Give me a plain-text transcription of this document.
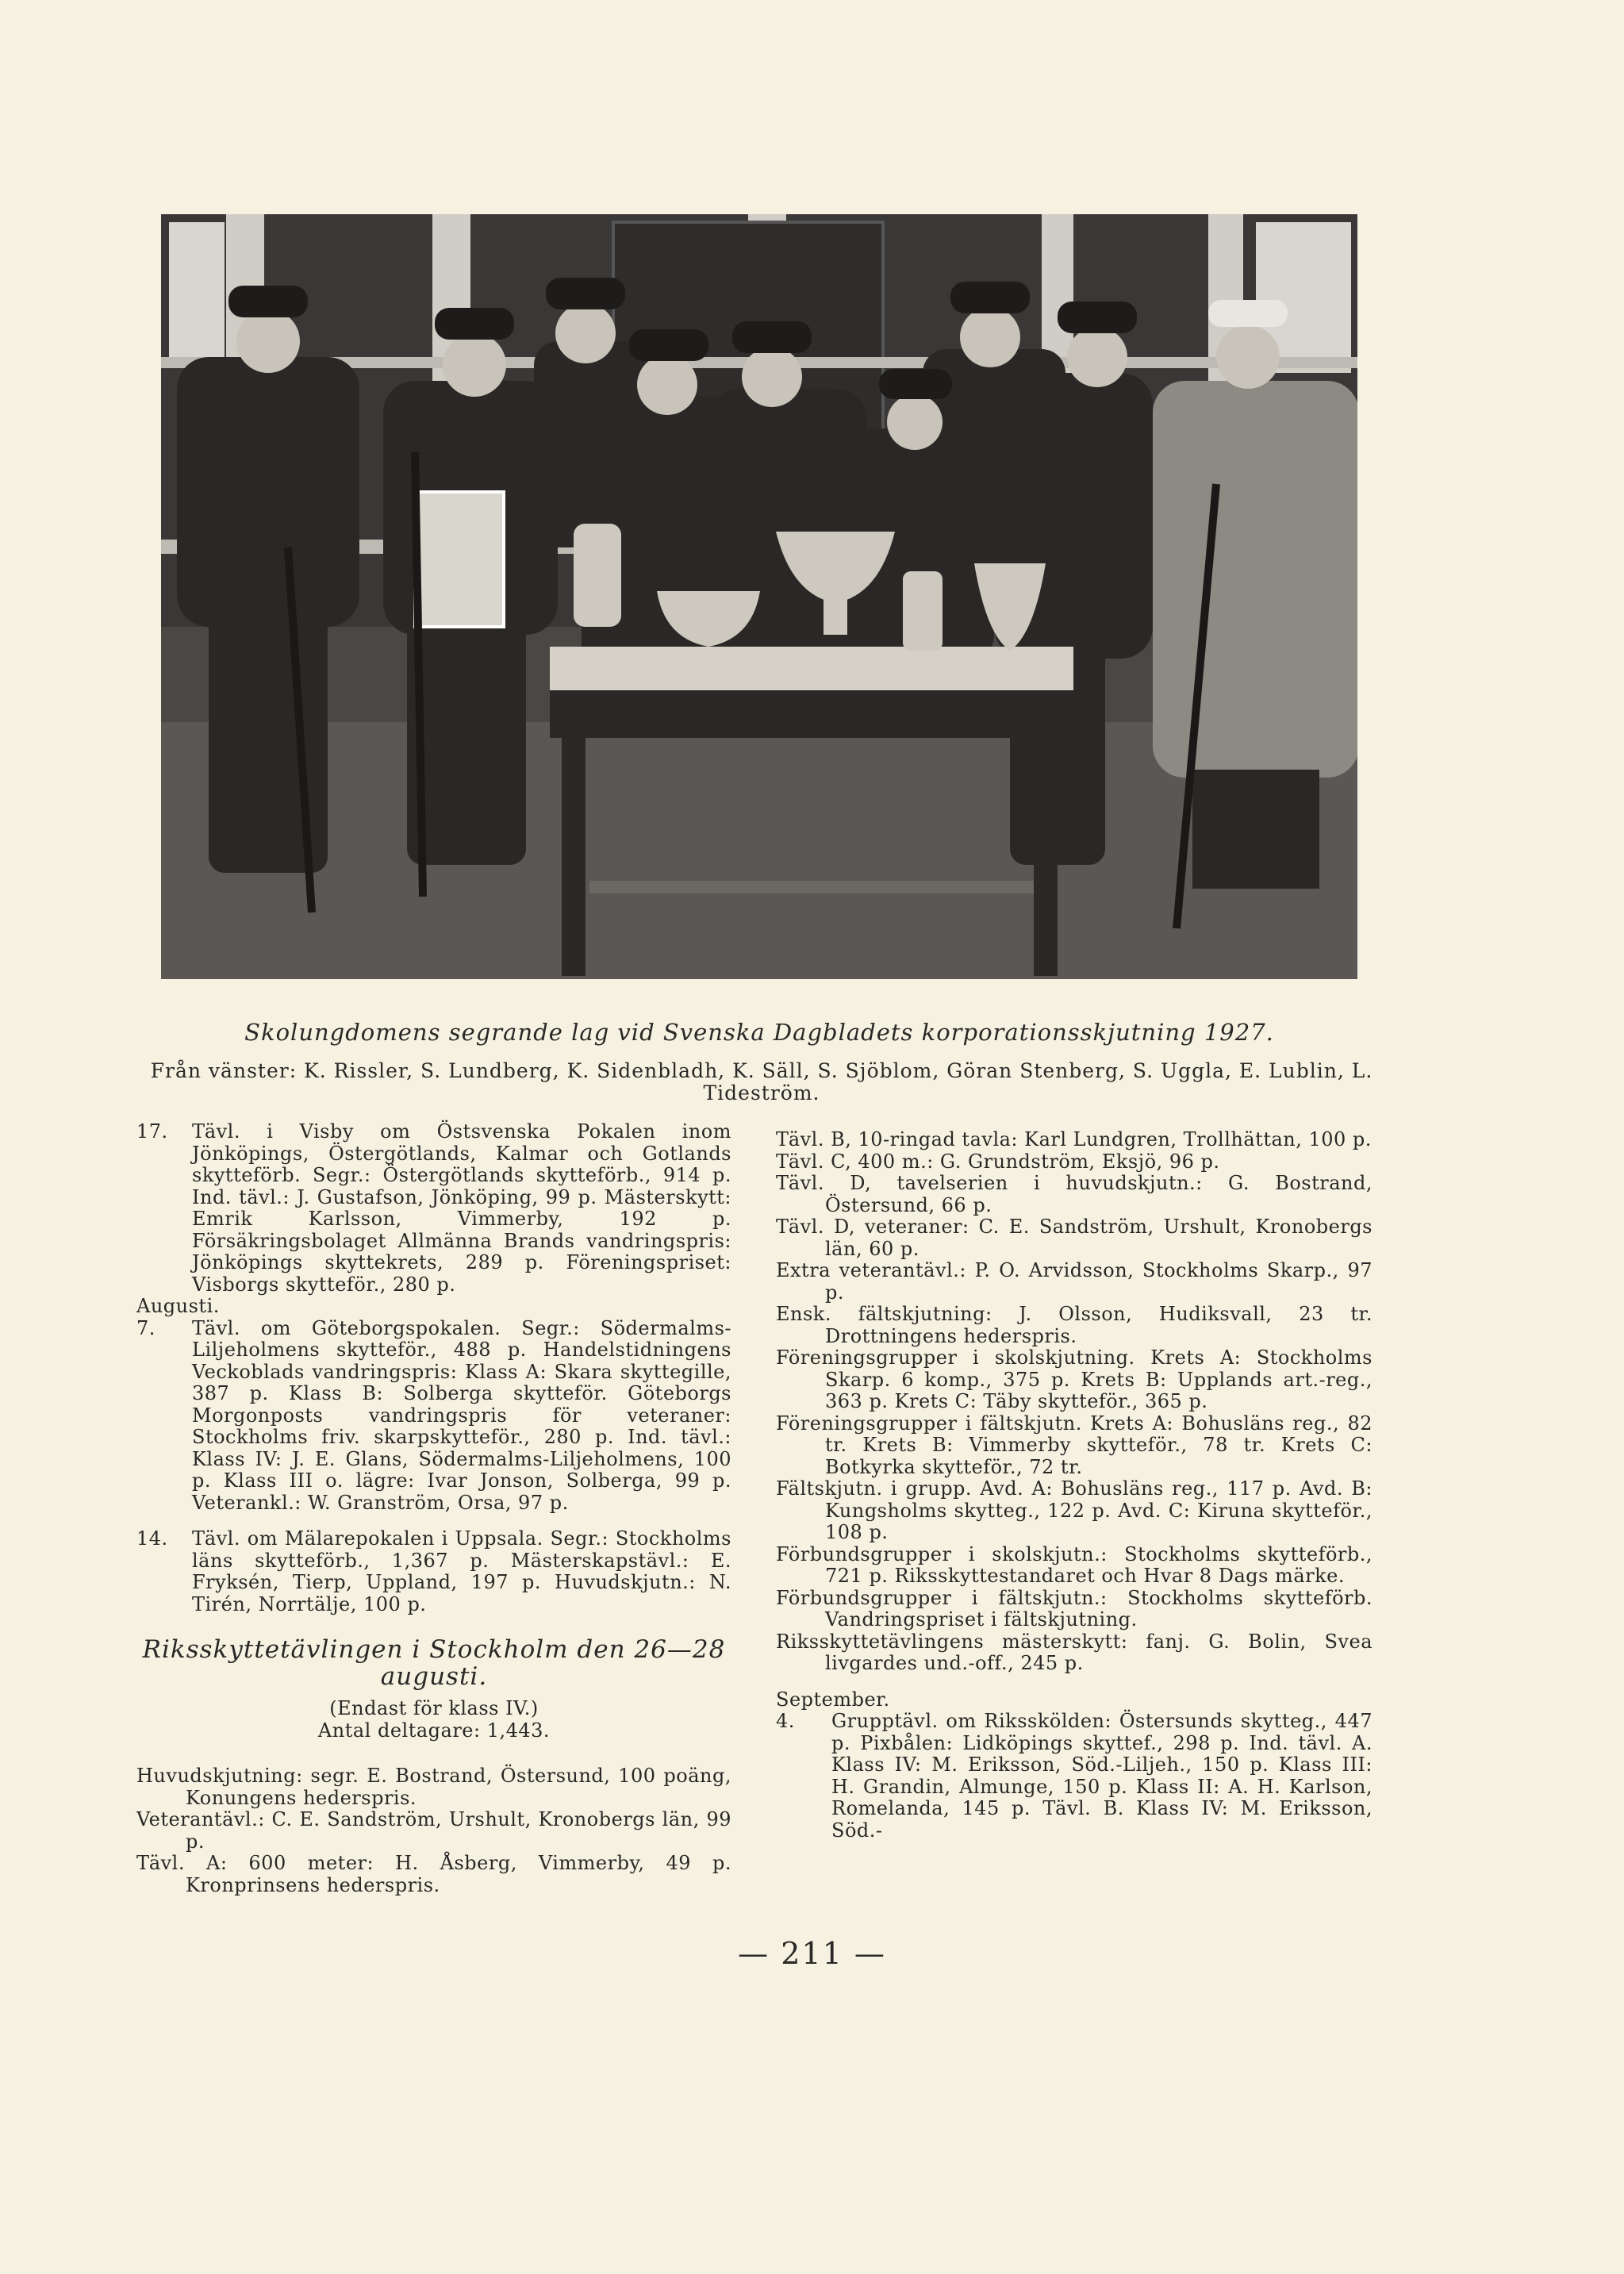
Skolungdomens segrande lag vid Svenska Dagbladets korporationsskjutning 1927.
Från vänster: K. Rissler, S. Lundberg, K. Sidenbladh, K. Säll, S. Sjöblom, Göran Stenberg, S. Uggla, E. Lublin, L. Tideström.
17.	Tävl. i Visby om Östsvenska Pokalen inom Jönköpings, Östergötlands, Kalmar och Gotlands skytteförb. Segr.: Östergötlands skytteförb., 914 p. Ind. tävl.: J. Gustafson, Jönköping, 99 p. Mästerskytt: Emrik Karlsson, Vimmerby, 192 p. Försäkringsbolaget Allmänna Brands vandringspris: Jönköpings skyttekrets, 289 p. Föreningspriset: Visborgs skytteför., 280 p.

Augusti.

7.	Tävl. om Göteborgspokalen. Segr.: Södermalms-Liljeholmens skytteför., 488 p. Handelstidningens Veckoblads vandringspris: Klass A: Skara skyttegille, 387 p. Klass B: Solberga skytteför. Göteborgs Morgonposts vandringspris för veteraner: Stockholms friv. skarpskytteför., 280 p. Ind. tävl.: Klass IV: J. E. Glans, Södermalms-Liljeholmens, 100 p. Klass III o. lägre: Ivar Jonson, Solberga, 99 p. Veterankl.: W. Granström, Orsa, 97 p.
14.	Tävl. om Mälarepokalen i Uppsala. Segr.: Stockholms läns skytteförb., 1,367 p. Mästerskapstävl.: E. Fryksén, Tierp, Uppland, 197 p. Huvudskjutn.: N. Tirén, Norrtälje, 100 p.
Riksskyttetävlingen i Stockholm den 26—28 augusti.
(Endast för klass IV.)
Antal deltagare: 1,443.

Huvudskjutning: segr. E. Bostrand, Östersund, 100 poäng, Konungens hederspris.

Veterantävl.: C. E. Sandström, Urshult, Kronobergs län, 99 p.

Tävl. A: 600 meter: H. Åsberg, Vimmerby, 49 p. Kronprinsens hederspris.

Tävl. B, 10-ringad tavla: Karl Lundgren, Trollhättan, 100 p.

Tävl. C, 400 m.: G. Grundström, Eksjö, 96 p.

Tävl. D, tavelserien i huvudskjutn.: G. Bostrand, Östersund, 66 p.

Tävl. D, veteraner: C. E. Sandström, Urshult, Kronobergs län, 60 p.

Extra veterantävl.: P. O. Arvidsson, Stockholms Skarp., 97 p.

Ensk. fältskjutning: J. Olsson, Hudiksvall, 23 tr. Drottningens hederspris.

Föreningsgrupper i skolskjutning. Krets A: Stockholms Skarp. 6 komp., 375 p. Krets B: Upplands art.-reg., 363 p. Krets C: Täby skytteför., 365 p.

Föreningsgrupper i fältskjutn. Krets A: Bohusläns reg., 82 tr. Krets B: Vimmerby skytteför., 78 tr. Krets C: Botkyrka skytteför., 72 tr.

Fältskjutn. i grupp. Avd. A: Bohusläns reg., 117 p. Avd. B: Kungsholms skytteg., 122 p. Avd. C: Kiruna skytteför., 108 p.

Förbundsgrupper i skolskjutn.: Stockholms skytteförb., 721 p. Riksskyttestandaret och Hvar 8 Dags märke.

Förbundsgrupper i fältskjutn.: Stockholms skytteförb. Vandringspriset i fältskjutning.

Riksskyttetävlingens mästerskytt: fanj. G. Bolin, Svea livgardes und.-off., 245 p.

September.

4.	Grupptävl. om Riksskölden: Östersunds skytteg., 447 p. Pixbålen: Lidköpings skyttef., 298 p. Ind. tävl. A. Klass IV: M. Eriksson, Söd.-Liljeh., 150 p. Klass III: H. Grandin, Almunge, 150 p. Klass II: A. H. Karlson, Romelanda, 145 p. Tävl. B. Klass IV: M. Eriksson, Söd.-
— 211 —
